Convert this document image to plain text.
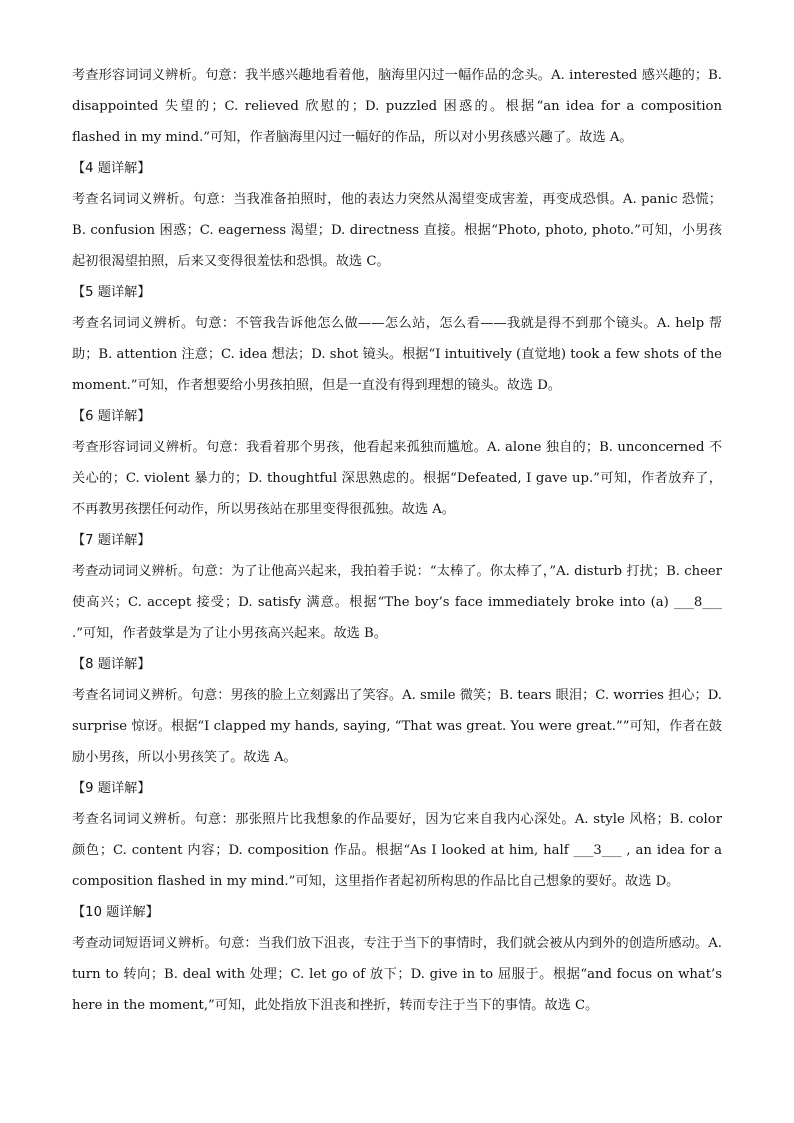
考查形容词词义辨析。句意：我半感兴趣地看着他，脑海里闪过一幅作品的念头。A. interested 感兴趣的；B. disappointed 失望的；C. relieved 欣慰的；D. puzzled 困惑的。根据“an idea for a composition flashed in my mind.”可知，作者脑海里闪过一幅好的作品，所以对小男孩感兴趣了。故选 A。

【4 题详解】

考查名词词义辨析。句意：当我准备拍照时，他的表达力突然从渴望变成害羞，再变成恐惧。A. panic 恐慌；B. confusion 困惑；C. eagerness 渴望；D. directness 直接。根据“Photo, photo, photo.”可知，小男孩起初很渴望拍照，后来又变得很羞怯和恐惧。故选 C。

【5 题详解】

考查名词词义辨析。句意：不管我告诉他怎么做——怎么站，怎么看——我就是得不到那个镜头。A. help 帮助；B. attention 注意；C. idea 想法；D. shot 镜头。根据“I intuitively (直觉地) took a few shots of the moment.”可知，作者想要给小男孩拍照，但是一直没有得到理想的镜头。故选 D。

【6 题详解】

考查形容词词义辨析。句意：我看着那个男孩，他看起来孤独而尴尬。A. alone 独自的；B. unconcerned 不关心的；C. violent 暴力的；D. thoughtful 深思熟虑的。根据“Defeated, I gave up.”可知，作者放弃了，不再教男孩摆任何动作，所以男孩站在那里变得很孤独。故选 A。

【7 题详解】

考查动词词义辨析。句意：为了让他高兴起来，我拍着手说：“太棒了。你太棒了，”A. disturb 打扰；B. cheer 使高兴；C. accept 接受；D. satisfy 满意。根据“The boy’s face immediately broke into (a) ___8___ .”可知，作者鼓掌是为了让小男孩高兴起来。故选 B。

【8 题详解】

考查名词词义辨析。句意：男孩的脸上立刻露出了笑容。A. smile 微笑；B. tears 眼泪；C. worries 担心；D. surprise 惊讶。根据“I clapped my hands, saying, “That was great. You were great.””可知，作者在鼓励小男孩，所以小男孩笑了。故选 A。

【9 题详解】

考查名词词义辨析。句意：那张照片比我想象的作品要好，因为它来自我内心深处。A. style 风格；B. color 颜色；C. content 内容；D. composition 作品。根据“As I looked at him, half ___3___ , an idea for a composition flashed in my mind.”可知，这里指作者起初所构思的作品比自己想象的要好。故选 D。

【10 题详解】

考查动词短语词义辨析。句意：当我们放下沮丧，专注于当下的事情时，我们就会被从内到外的创造所感动。A. turn to 转向；B. deal with 处理；C. let go of 放下；D. give in to 屈服于。根据“and focus on what’s here in the moment,”可知，此处指放下沮丧和挫折，转而专注于当下的事情。故选 C。
